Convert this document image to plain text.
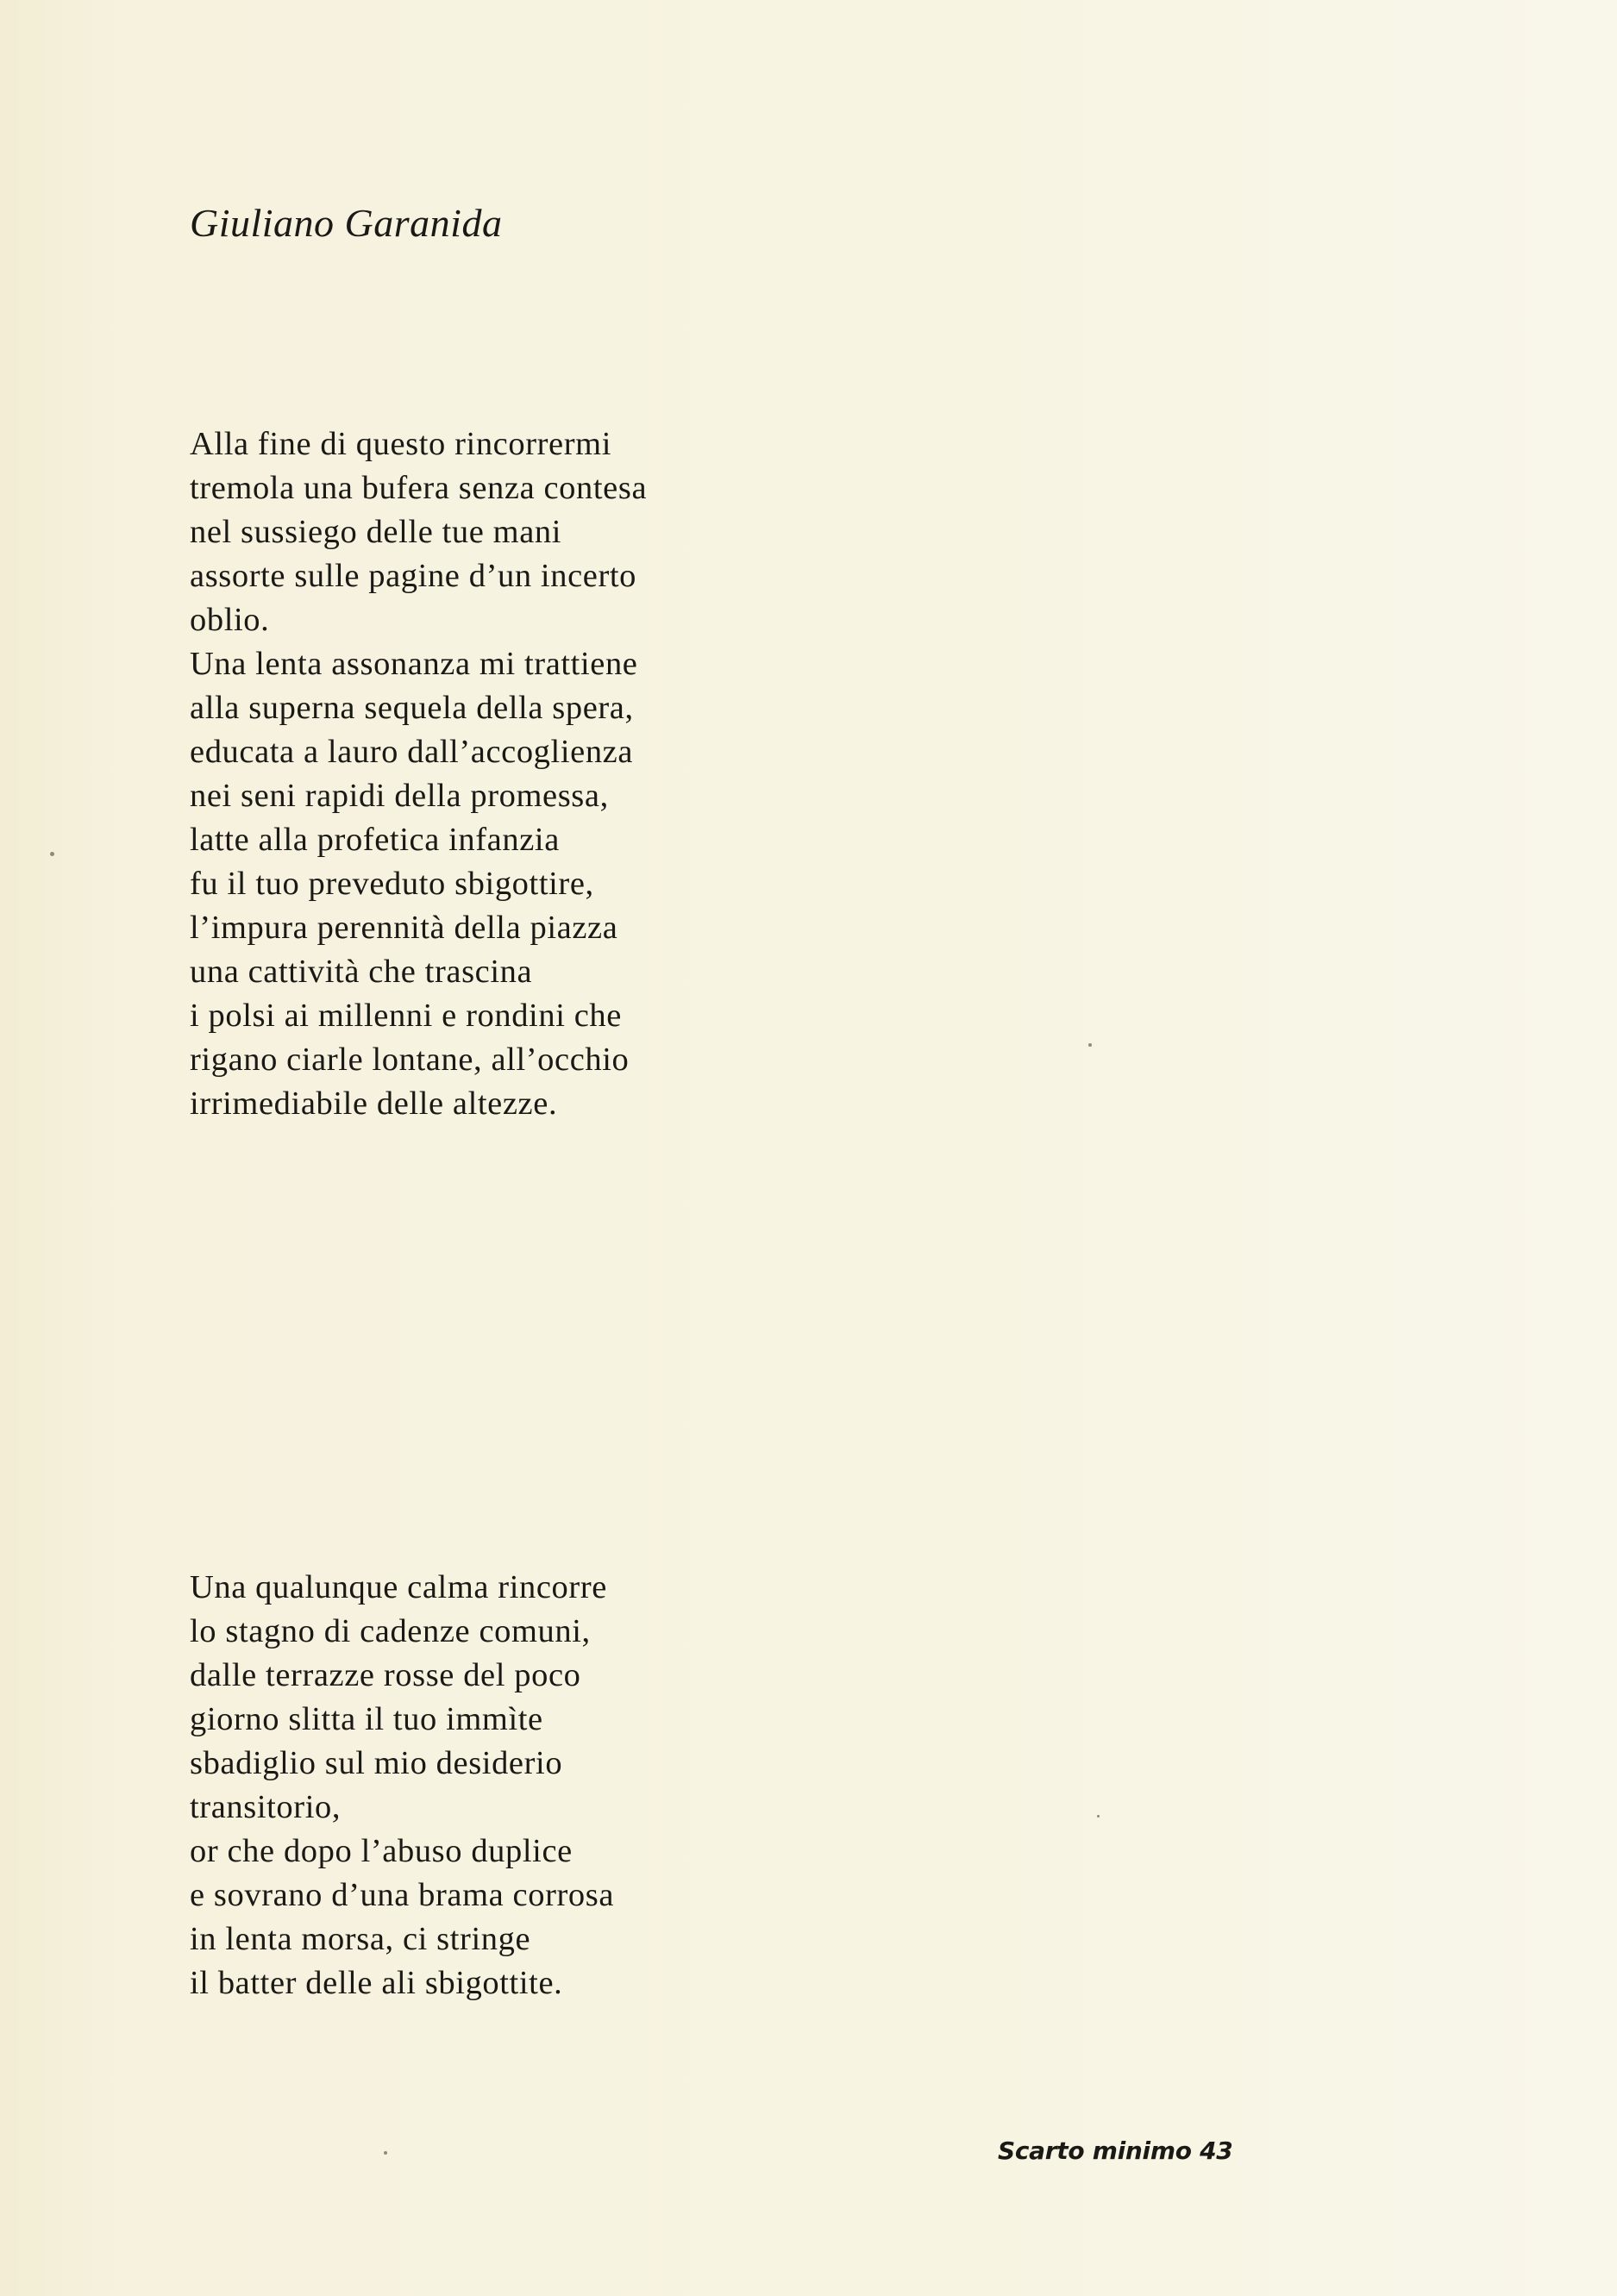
Giuliano Garanida
Alla fine di questo rincorrermi
tremola una bufera senza contesa
nel sussiego delle tue mani
assorte sulle pagine d’un incerto
oblio.
Una lenta assonanza mi trattiene
alla superna sequela della spera,
educata a lauro dall’accoglienza
nei seni rapidi della promessa,
latte alla profetica infanzia
fu il tuo preveduto sbigottire,
l’impura perennità della piazza
una cattività che trascina
i polsi ai millenni e rondini che
rigano ciarle lontane, all’occhio
irrimediabile delle altezze.
Una qualunque calma rincorre
lo stagno di cadenze comuni,
dalle terrazze rosse del poco
giorno slitta il tuo immìte
sbadiglio sul mio desiderio
transitorio,
or che dopo l’abuso duplice
e sovrano d’una brama corrosa
in lenta morsa, ci stringe
il batter delle ali sbigottite.
Scarto minimo 43
